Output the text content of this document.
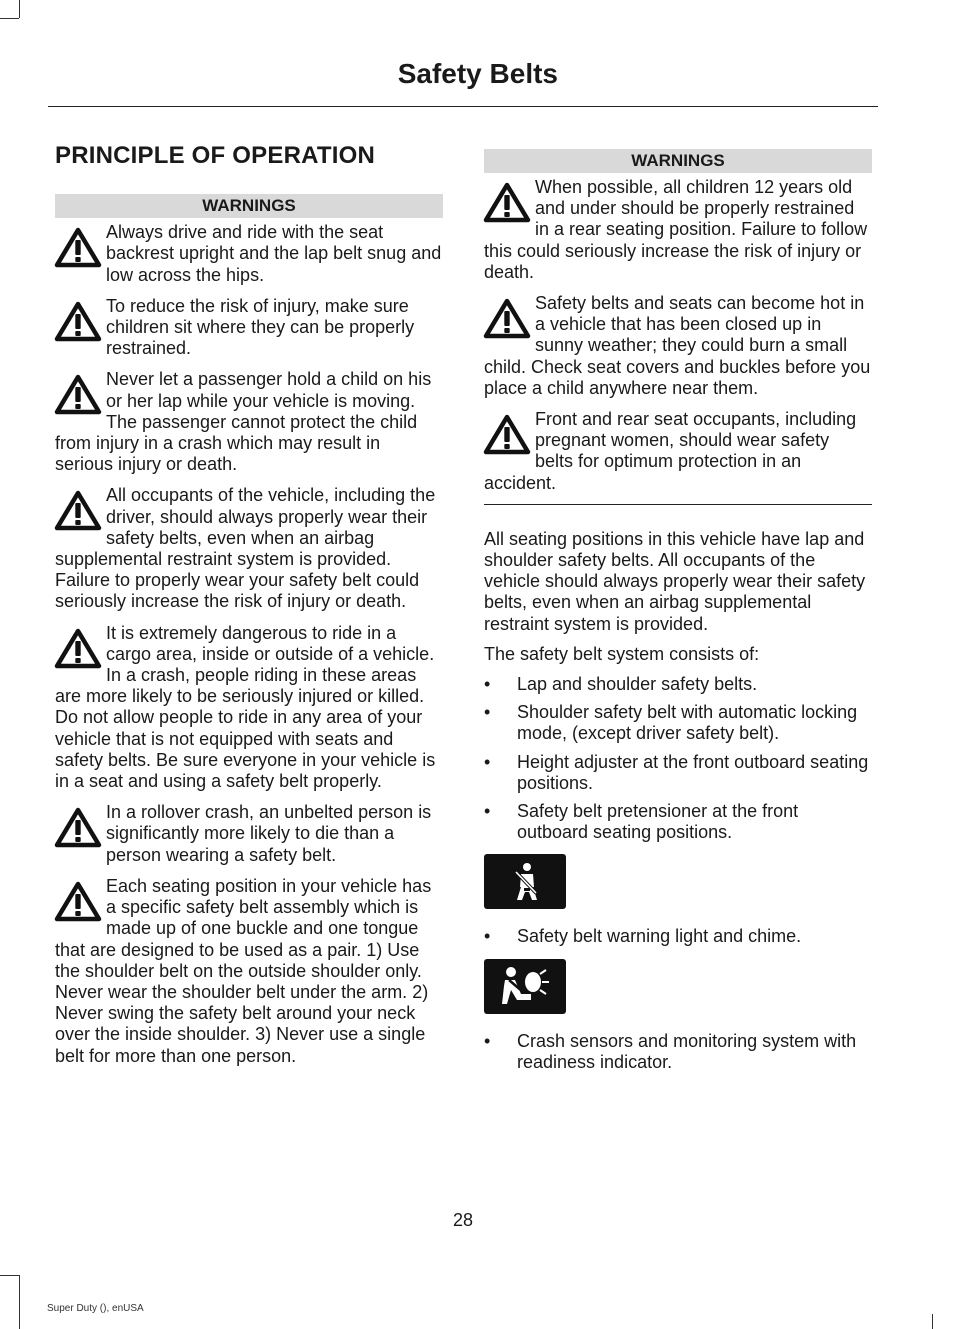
Safety Belts
PRINCIPLE OF OPERATION
WARNINGS

Always drive and ride with the seat backrest upright and the lap belt snug and low across the hips.

To reduce the risk of injury, make sure children sit where they can be properly restrained.

Never let a passenger hold a child on his or her lap while your vehicle is moving. The passenger cannot protect the child from injury in a crash which may result in serious injury or death.

All occupants of the vehicle, including the driver, should always properly wear their safety belts, even when an airbag supplemental restraint system is provided. Failure to properly wear your safety belt could seriously increase the risk of injury or death.

It is extremely dangerous to ride in a cargo area, inside or outside of a vehicle. In a crash, people riding in these areas are more likely to be seriously injured or killed. Do not allow people to ride in any area of your vehicle that is not equipped with seats and safety belts. Be sure everyone in your vehicle is in a seat and using a safety belt properly.

In a rollover crash, an unbelted person is significantly more likely to die than a person wearing a safety belt.

Each seating position in your vehicle has a specific safety belt assembly which is made up of one buckle and one tongue that are designed to be used as a pair. 1) Use the shoulder belt on the outside shoulder only. Never wear the shoulder belt under the arm. 2) Never swing the safety belt around your neck over the inside shoulder. 3) Never use a single belt for more than one person.

WARNINGS

When possible, all children 12 years old and under should be properly restrained in a rear seating position. Failure to follow this could seriously increase the risk of injury or death.

Safety belts and seats can become hot in a vehicle that has been closed up in sunny weather; they could burn a small child. Check seat covers and buckles before you place a child anywhere near them.

Front and rear seat occupants, including pregnant women, should wear safety belts for optimum protection in an accident.

All seating positions in this vehicle have lap and shoulder safety belts. All occupants of the vehicle should always properly wear their safety belts, even when an airbag supplemental restraint system is provided.

The safety belt system consists of:

• Lap and shoulder safety belts.
• Shoulder safety belt with automatic locking mode, (except driver safety belt).
• Height adjuster at the front outboard seating positions.
• Safety belt pretensioner at the front outboard seating positions.
• Safety belt warning light and chime.
• Crash sensors and monitoring system with readiness indicator.
28
Super Duty (), enUSA
